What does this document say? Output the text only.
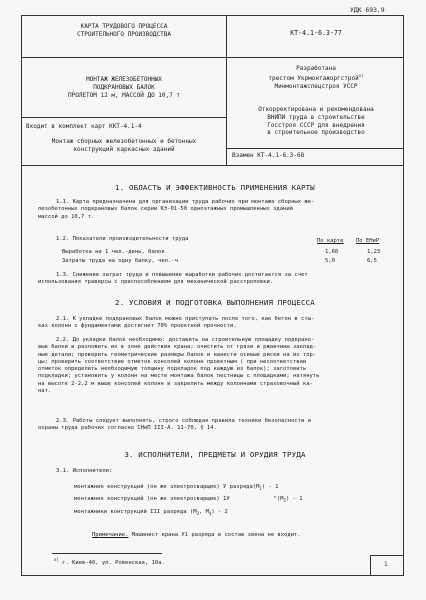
УДК 693.9
КАРТА ТРУДОВОГО ПРОЦЕССА
СТРОИТЕЛЬНОГО ПРОИЗВОДСТВА	КТ-4.1-6.3-77
МОНТАЖ ЖЕЛЕЗОБЕТОННЫХ
ПОДКРАНОВЫХ БАЛОК
ПРОЛЕТОМ 12 м, МАССОЙ ДО 10,7 т
Разработана
трестом Укрмонтажоргстрой$^{x)}$
Минмонтажспецстроя УССР
Входит в комплект карт ККТ-4.1-4
Монтаж сборных железобетонных и бетонных
конструкций каркасных зданий
Откорректирована и рекомендована
ВНИПИ труда в строительстве
Госстроя СССР для внедрения
в строительное производство
Взамен КТ-4.1-6.3-68
1. ОБЛАСТЬ И ЭФФЕКТИВНОСТЬ ПРИМЕНЕНИЯ КАРТЫ
1.1. Карта предназначена для организации труда рабочих при монтаже сборных же-
лезобетонных подкрановых балок серии КЭ-01-50 одноэтажных промышленных зданий
массой до 10,7 т.
1.2. Показатели производительности труда	По карте По ЕНиР
Выработка на 1 чел.-день, балок	1,60	1,23
Затраты труда на одну балку, чел.-ч	5,0	6,5
1.3. Снижение затрат труда и повышение выработки рабочих достигается за счет
использования траверсы с приспособлением для механической расстроповки.
2. УСЛОВИЯ И ПОДГОТОВКА ВЫПОЛНЕНИЯ ПРОЦЕССА
2.1. К укладке подкрановых балок можно приступать после того, как бетон в сты-
ках колонн с фундаментами достигнет 70% проектной прочности.
2.2. До укладки балок необходимо: доставить на строительную площадку подкрано-
вые балки и разложить их в зоне действия крана; очистить от грязи и ржавчины заклад-
ные детали; проверить геометрические размеры балок и нанести осевые риски на их тор-
цы; проверить соответствие отметок консолей колонн проектным ( при несоответствии
отметок определить необходимую толщину подкладок под каждую из балок); заготовить
подкладки; установить у колонн на месте монтажа балок лестницы с площадками; натянуть
на высоте 2-2,2 м выше консолей колонн и закрепить между колоннами страховочный ка-
нат.
2.3. Работы следует выполнять, строго соблюдая правила техники безопасности и
охраны труда рабочих согласно СНиП III-А. 11-70, § 14.
3. ИСПОЛНИТЕЛИ, ПРЕДМЕТЫ И ОРУДИЯ ТРУДА
3.1. Исполнители:
монтажник конструкций (он же электросварщик) У $разряда(М_1) - 1$
монтажник конструкций (он же электросварщик) 1У	"$(М_2) - 1$
монтажники конструкций III разряда ($М_3$, $М_4) - 2$
Примечание. Машинист крана У1 разряда в состав звена не входит.
$^{x)}$ г. Киев-40, ул. Ровенская, 10а.	1
